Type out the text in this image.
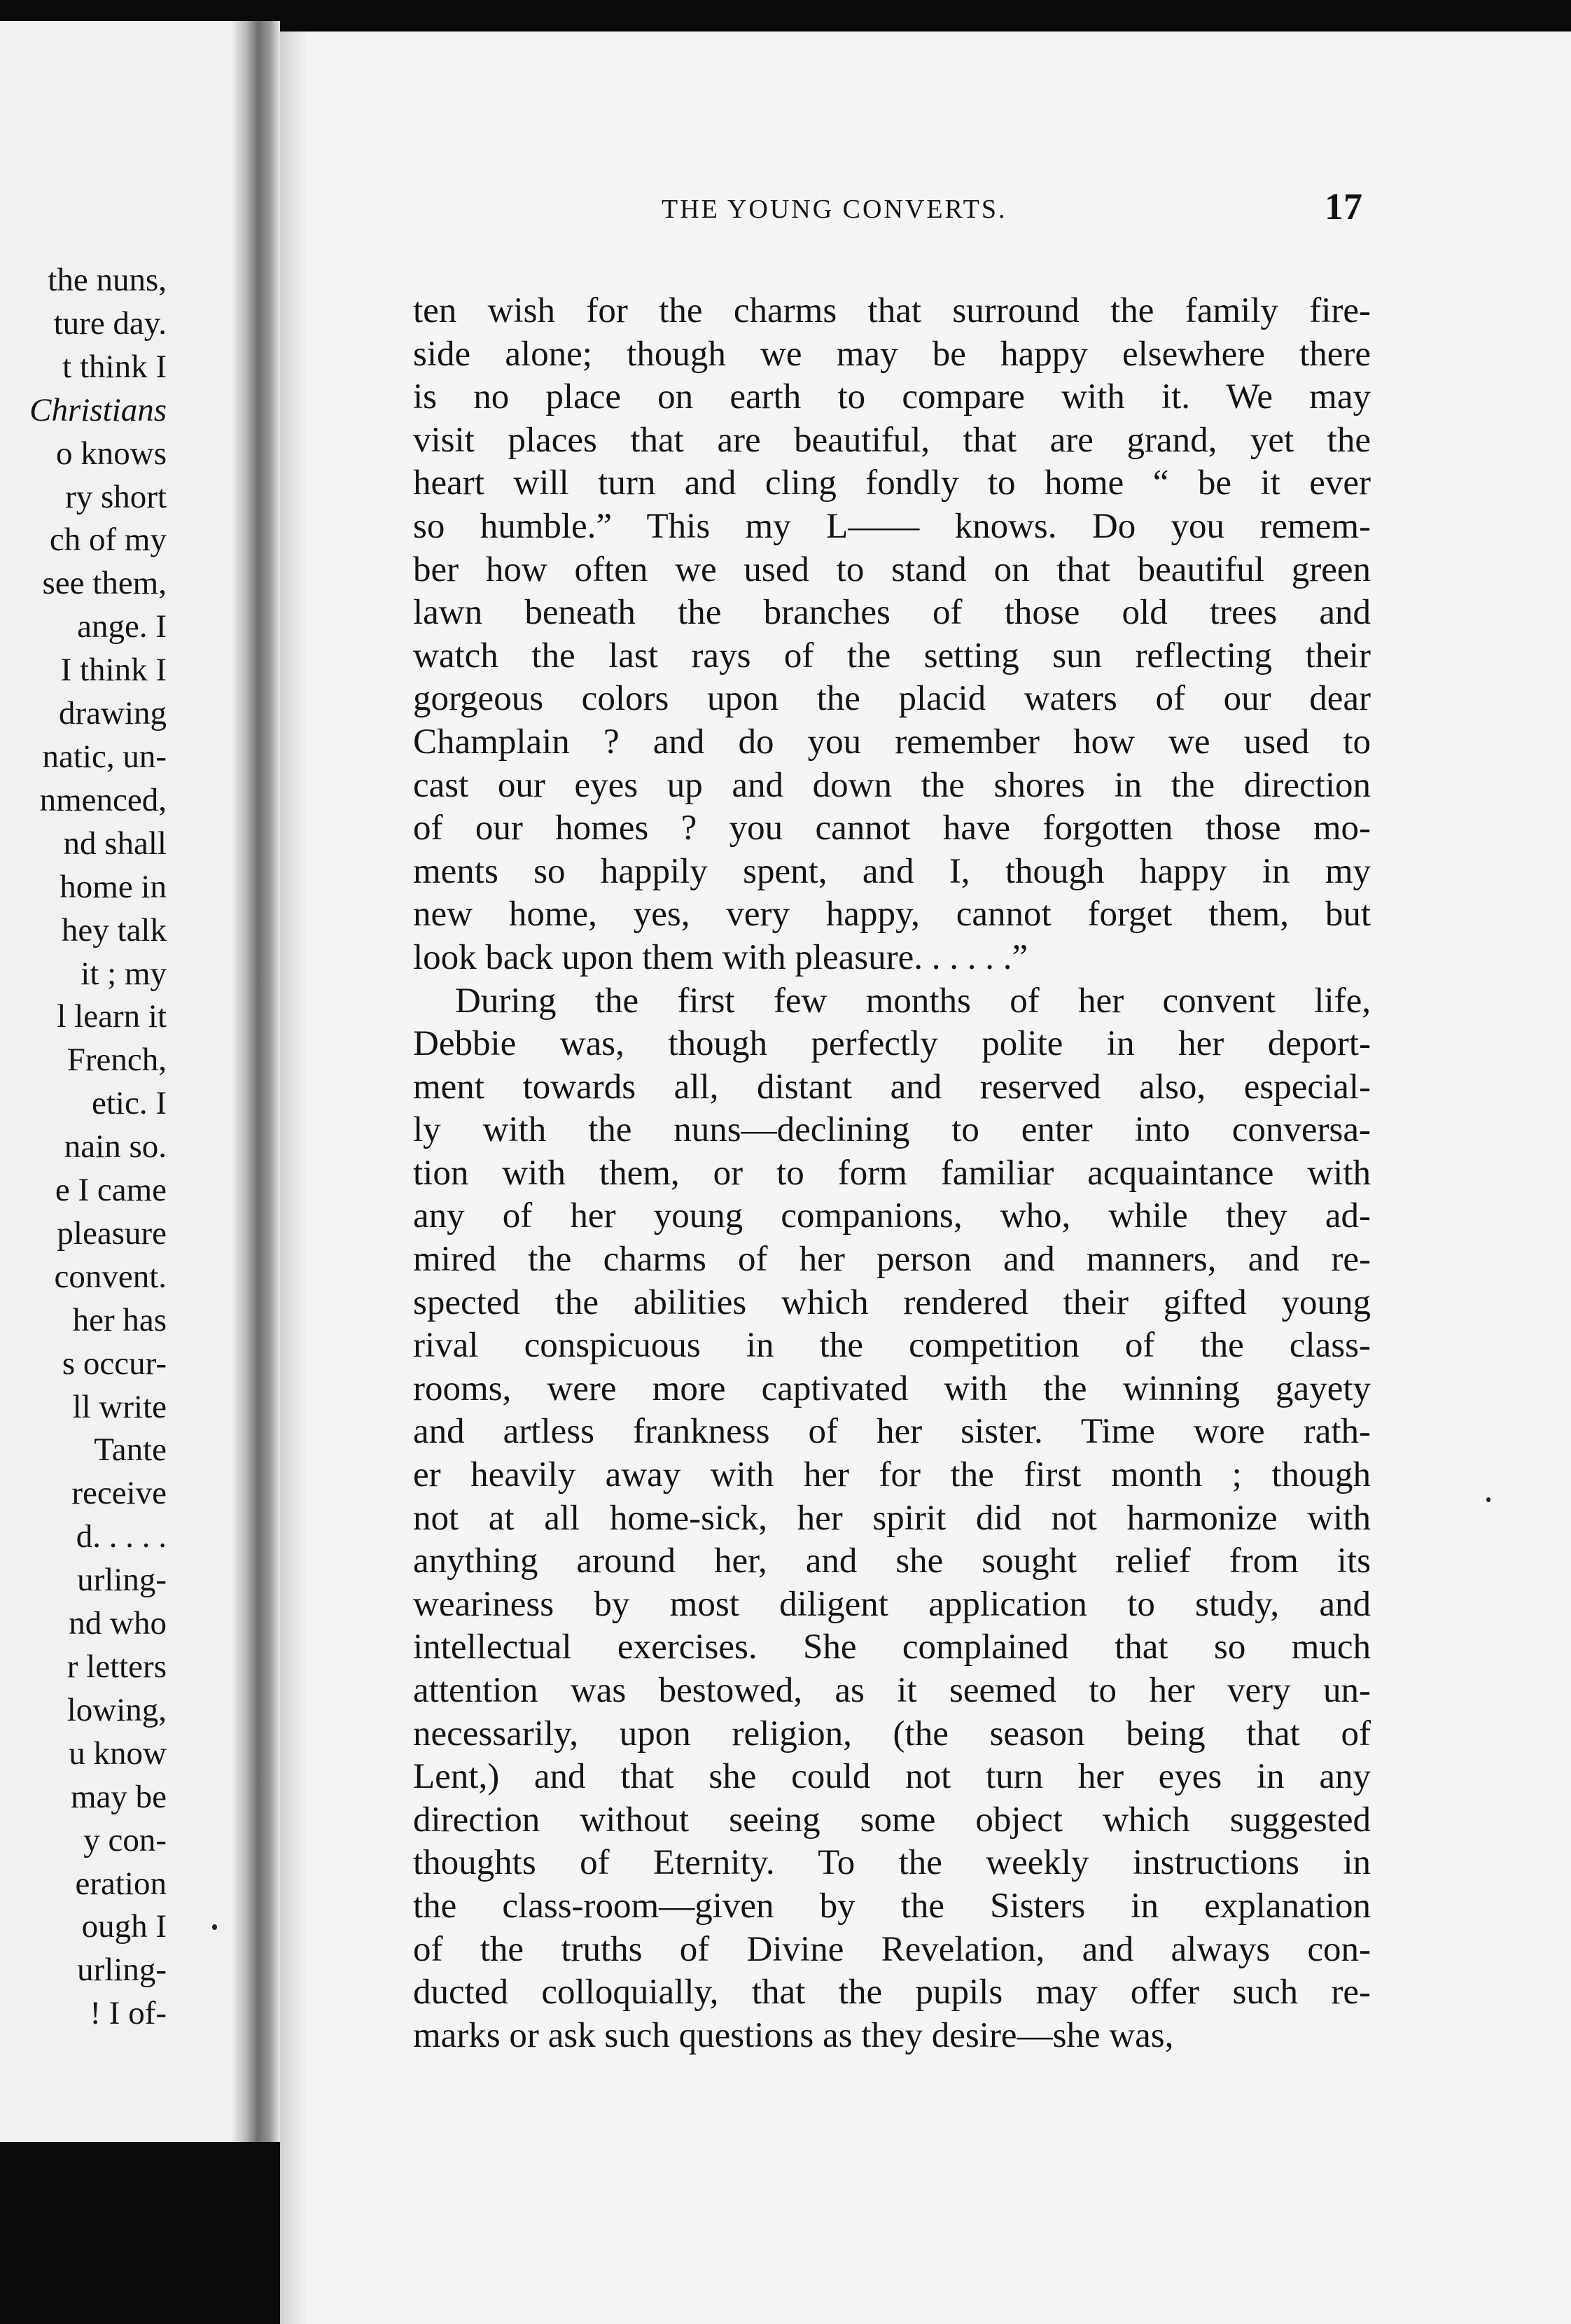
the nuns,
ture day.
t think I
Christians
o knows
ry short
ch of my
see them,
ange. I
I think I
drawing
natic, un-
nmenced,
nd shall
home in
hey talk
it ; my
l learn it
French,
etic. I
nain so.
e I came
pleasure
convent.
her has
s occur-
ll write
Tante
receive
d. . . . .
urling-
nd who
r letters
lowing,
u know
may be
y con-
eration
ough I
urling-
! I of-
THE YOUNG CONVERTS.	17
ten wish for the charms that surround the family fire-
side alone; though we may be happy elsewhere there
is no place on earth to compare with it. We may
visit places that are beautiful, that are grand, yet the
heart will turn and cling fondly to home “ be it ever
so humble.” This my L—— knows. Do you remem-
ber how often we used to stand on that beautiful green
lawn beneath the branches of those old trees and
watch the last rays of the setting sun reflecting their
gorgeous colors upon the placid waters of our dear
Champlain ? and do you remember how we used to
cast our eyes up and down the shores in the direction
of our homes ? you cannot have forgotten those mo-
ments so happily spent, and I, though happy in my
new home, yes, very happy, cannot forget them, but
look back upon them with pleasure. . . . . .”
During the first few months of her convent life,
Debbie was, though perfectly polite in her deport-
ment towards all, distant and reserved also, especial-
ly with the nuns—declining to enter into conversa-
tion with them, or to form familiar acquaintance with
any of her young companions, who, while they ad-
mired the charms of her person and manners, and re-
spected the abilities which rendered their gifted young
rival conspicuous in the competition of the class-
rooms, were more captivated with the winning gayety
and artless frankness of her sister. Time wore rath-
er heavily away with her for the first month ; though
not at all home-sick, her spirit did not harmonize with
anything around her, and she sought relief from its
weariness by most diligent application to study, and
intellectual exercises. She complained that so much
attention was bestowed, as it seemed to her very un-
necessarily, upon religion, (the season being that of
Lent,) and that she could not turn her eyes in any
direction without seeing some object which suggested
thoughts of Eternity. To the weekly instructions in
the class-room—given by the Sisters in explanation
of the truths of Divine Revelation, and always con-
ducted colloquially, that the pupils may offer such re-
marks or ask such questions as they desire—she was,
